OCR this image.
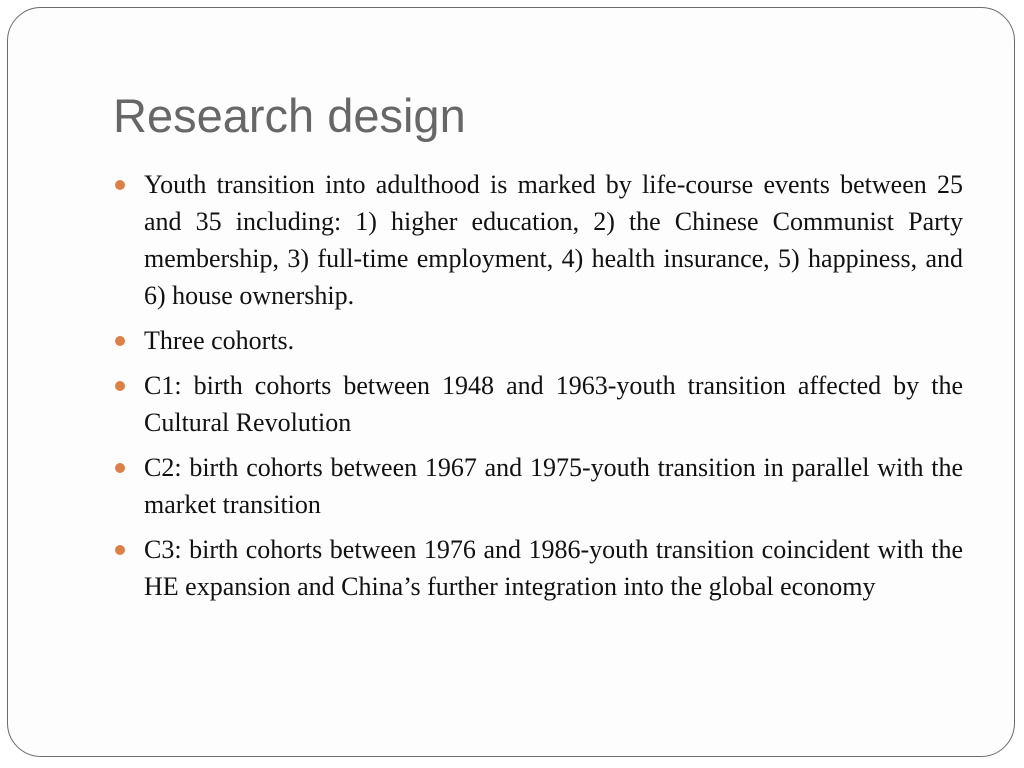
Research design
Youth transition into adulthood is marked by life-course events between 25 and 35 including: 1) higher education, 2) the Chinese Communist Party membership, 3) full-time employment, 4) health insurance, 5) happiness, and 6) house ownership.
Three cohorts.
C1: birth cohorts between 1948 and 1963-youth transition affected by the Cultural Revolution
C2: birth cohorts between 1967 and 1975-youth transition in parallel with the market transition
C3: birth cohorts between 1976 and 1986-youth transition coincident with the HE expansion and China’s further integration into the global economy
